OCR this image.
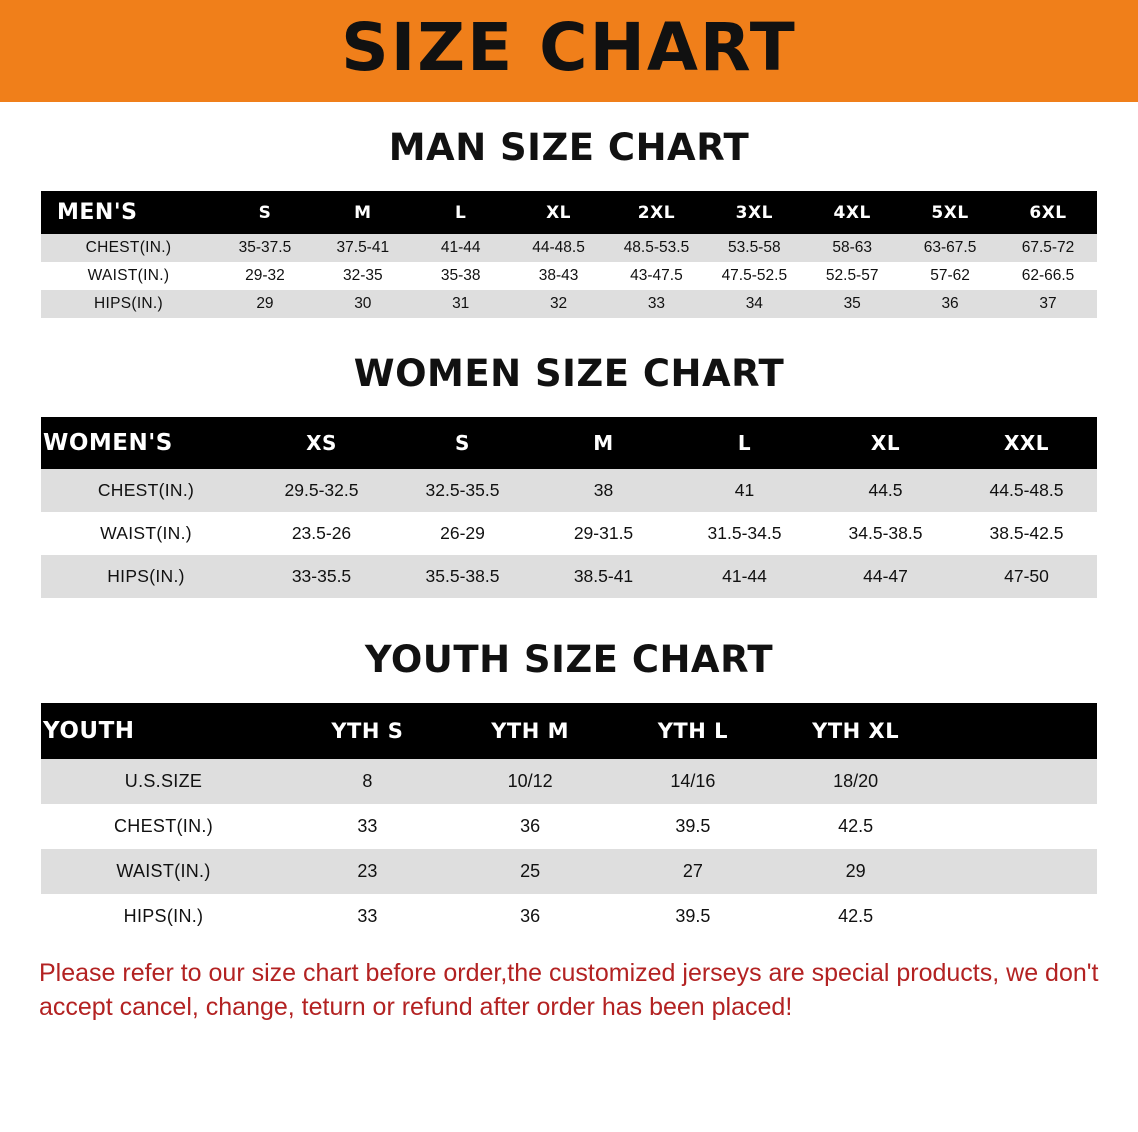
SIZE CHART
MAN SIZE CHART
MEN'S	S	M	L	XL	2XL	3XL	4XL	5XL	6XL
CHEST(IN.)	35-37.5	37.5-41	41-44	44-48.5	48.5-53.5	53.5-58	58-63	63-67.5	67.5-72
WAIST(IN.)	29-32	32-35	35-38	38-43	43-47.5	47.5-52.5	52.5-57	57-62	62-66.5
HIPS(IN.)	29	30	31	32	33	34	35	36	37
WOMEN SIZE CHART
WOMEN'S	XS	S	M	L	XL	XXL
CHEST(IN.)	29.5-32.5	32.5-35.5	38	41	44.5	44.5-48.5
WAIST(IN.)	23.5-26	26-29	29-31.5	31.5-34.5	34.5-38.5	38.5-42.5
HIPS(IN.)	33-35.5	35.5-38.5	38.5-41	41-44	44-47	47-50
YOUTH SIZE CHART
YOUTH	YTH S	YTH M	YTH L	YTH XL	
U.S.SIZE	8	10/12	14/16	18/20	
CHEST(IN.)	33	36	39.5	42.5	
WAIST(IN.)	23	25	27	29	
HIPS(IN.)	33	36	39.5	42.5	

Please refer to our size chart before order,the customized jerseys are special products, we don't accept cancel, change, teturn or refund after order has been placed!
